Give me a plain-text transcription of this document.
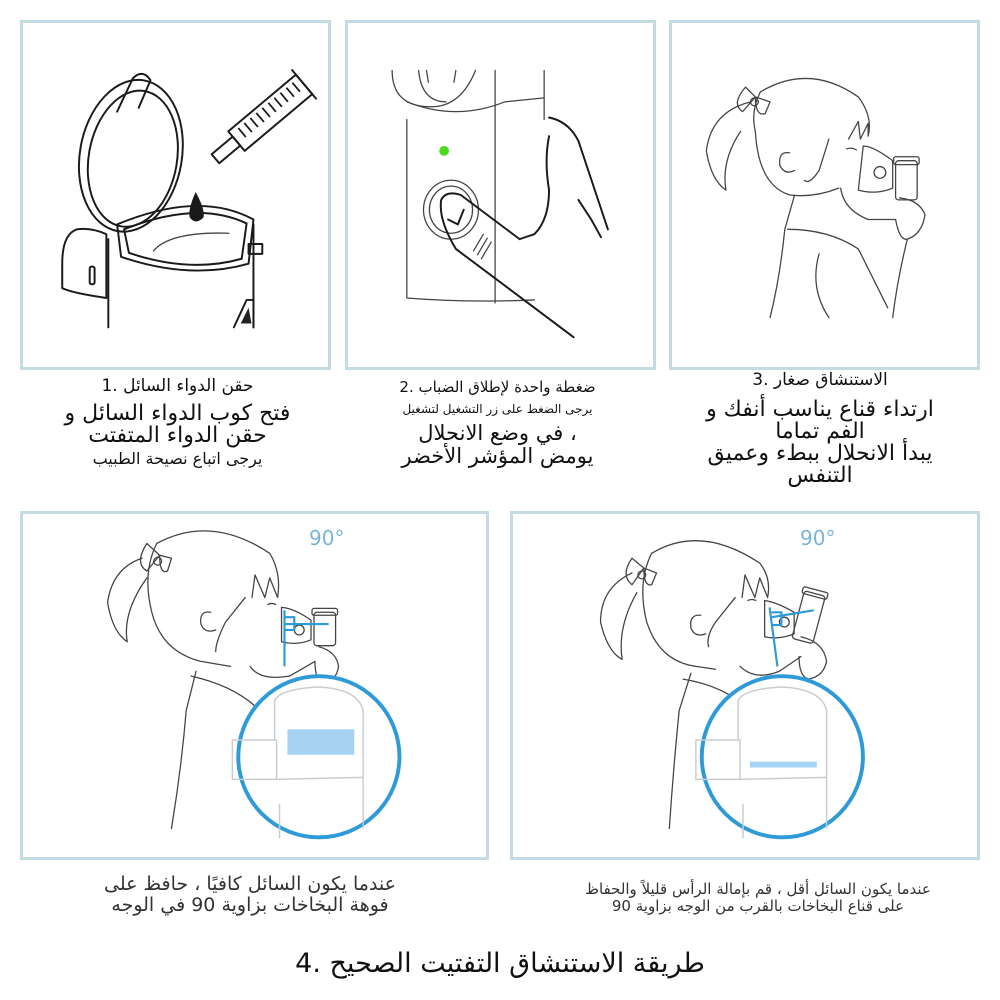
حقن الدواء السائل .1
فتح كوب الدواء السائل و
حقن الدواء المتفتت
يرجى اتباع نصيحة الطبيب
ضغطة واحدة لإطلاق الضباب .2
يرجى الضغط على زر التشغيل لتشغيل
، في وضع الانحلال
يومض المؤشر الأخضر
الاستنشاق صغار .3
ارتداء قناع يناسب أنفك و
الفم تماما
يبدأ الانحلال ببطء وعميق
التنفس
90°
عندما يكون السائل كافيًا ، حافظ على
فوهة البخاخات بزاوية 90 في الوجه
90°
عندما يكون السائل أقل ، قم بإمالة الرأس قليلاً والحفاظ
على قناع البخاخات بالقرب من الوجه بزاوية 90
طريقة الاستنشاق التفتيت الصحيح .4
